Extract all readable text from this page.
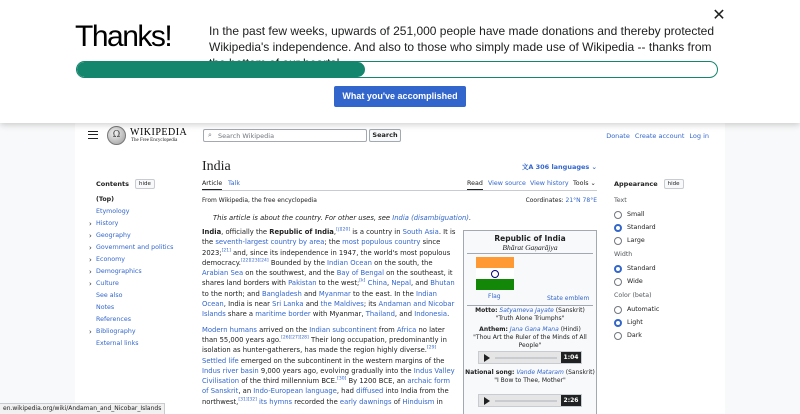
Thanks!	In the past few weeks, upwards of 251,000 people have made donations and thereby protected Wikipedia's independence. And also to those who simply made use of Wikipedia -- thanks from
✕
What you've accomplished
Ω WIKIPEDIA
The Free Encyclopedia
⌕
Search Wikipedia	Search	Donate Create account Log in
Contents	hide
(Top)
Etymology
› History
› Geography
› Government and politics
› Economy
› Demographics
› Culture
See also
Notes
References
› Bibliography
External links
India	文A 306 languages ⌄
Article Talk	Read View source View history Tools ⌄
From Wikipedia, the free encyclopedia	Coordinates: 21°N 78°E
This article is about the country. For other uses, see India (disambiguation).

India, officially the Republic of India,[j][20] is a country in South Asia. It is the seventh-largest country by area; the most populous country since 2023;[21] and, since its independence in 1947, the world's most populous democracy.[22][23][24] Bounded by the Indian Ocean on the south, the Arabian Sea on the southwest, and the Bay of Bengal on the southeast, it shares land borders with Pakistan to the west;[k] China, Nepal, and Bhutan to the north; and Bangladesh and Myanmar to the east. In the Indian Ocean, India is near Sri Lanka and the Maldives; its Andaman and Nicobar Islands share a maritime border with Myanmar, Thailand, and Indonesia.

Modern humans arrived on the Indian subcontinent from Africa no later than 55,000 years ago.[26][27][28] Their long occupation, predominantly in isolation as hunter-gatherers, has made the region highly diverse.[29] Settled life emerged on the subcontinent in the western margins of the Indus river basin 9,000 years ago, evolving gradually into the Indus Valley Civilisation of the third millennium BCE.[30] By 1200 BCE, an archaic form of Sanskrit, an Indo-European language, had diffused into India from the northwest,[31][32] its hymns recorded the early dawnings of Hinduism in

Republic of India
Bhārat Gaṇarājya
Flag	State emblem
Motto: Satyameva Jayate (Sanskrit)
"Truth Alone Triumphs"
Anthem: Jana Gana Mana (Hindi)
"Thou Art the Ruler of the Minds of All People"
1:04
National song: Vande Mataram (Sanskrit)
"I Bow to Thee, Mother"
2:26
Appearance	hide
Text
Small
Standard
Large
Width
Standard
Wide
Color (beta)
Automatic
Light
Dark
en.wikipedia.org/wiki/Andaman_and_Nicobar_Islands
